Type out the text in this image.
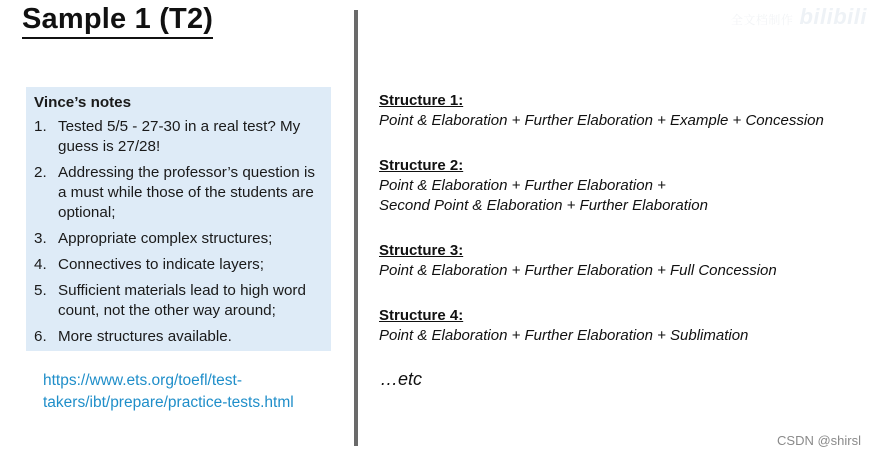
Sample 1 (T2)	全文档制作 bilibili
Vince’s notes
1. Tested 5/5 - 27-30 in a real test? My guess is 27/28!
2. Addressing the professor’s question is a must while those of the students are optional;
3. Appropriate complex structures;
4. Connectives to indicate layers;
5. Sufficient materials lead to high word count, not the other way around;
6. More structures available.
https://www.ets.org/toefl/test-takers/ibt/prepare/practice-tests.html
Structure 1:
Point & Elaboration + Further Elaboration + Example + Concession
Structure 2:
Point & Elaboration + Further Elaboration +
Second Point & Elaboration + Further Elaboration
Structure 3:
Point & Elaboration + Further Elaboration + Full Concession
Structure 4:
Point & Elaboration + Further Elaboration + Sublimation
…etc
CSDN @shirsl
